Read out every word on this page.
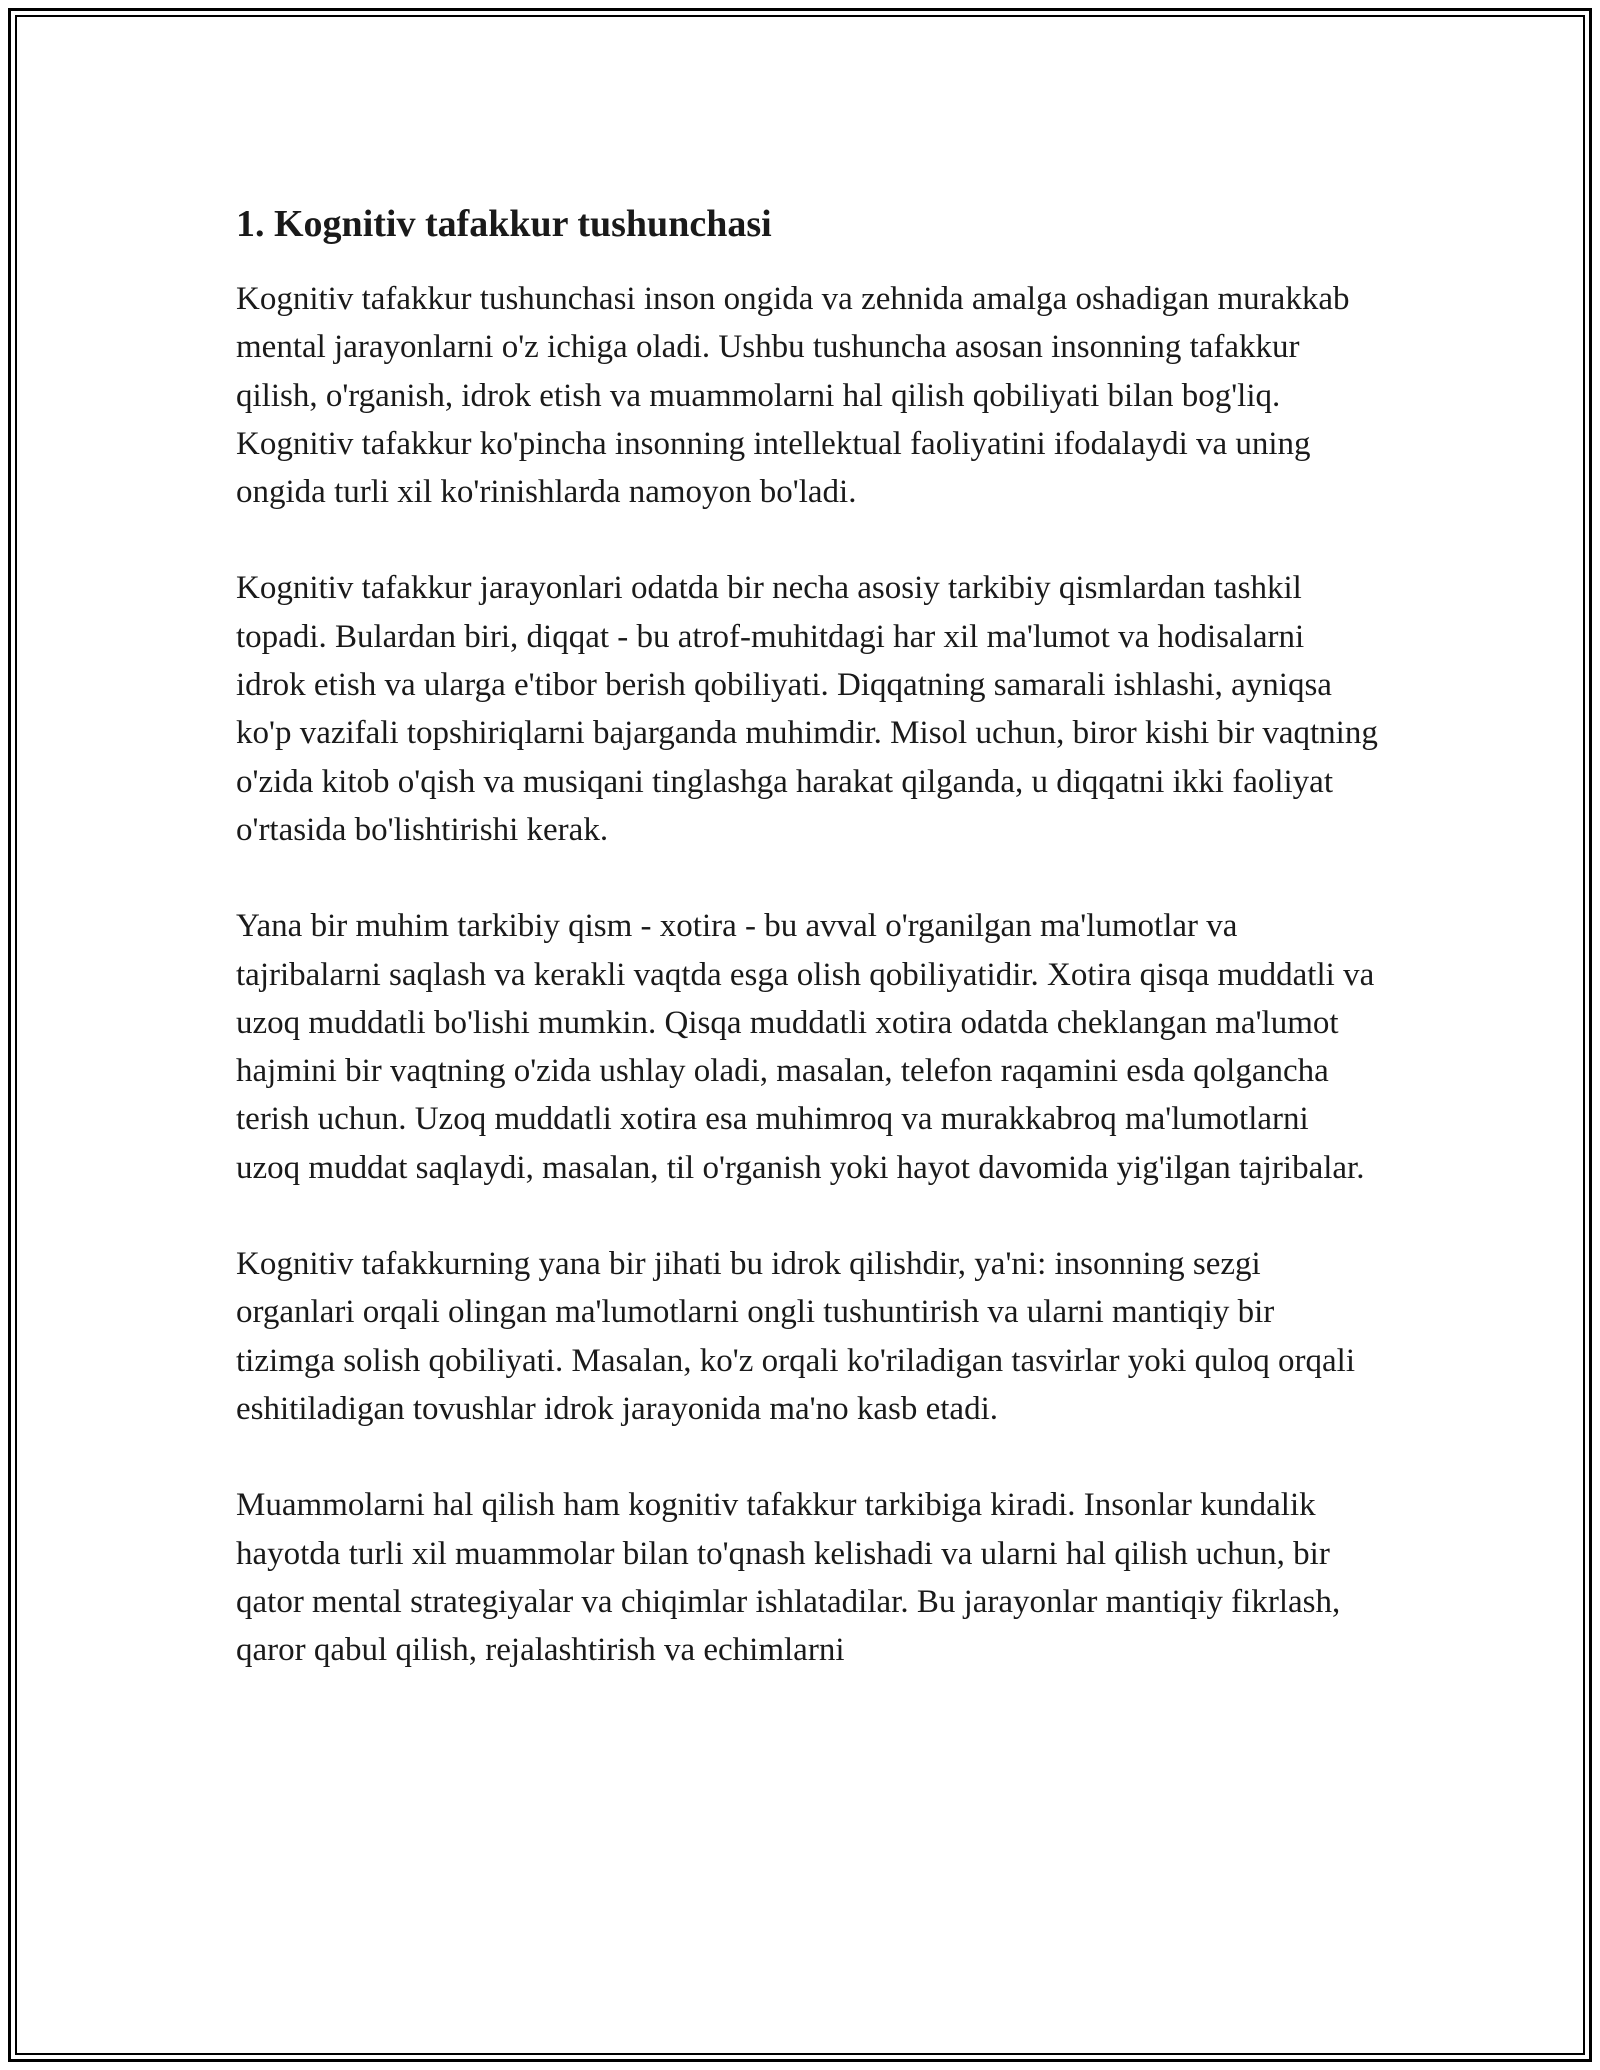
1. Kognitiv tafakkur tushunchasi

Kognitiv tafakkur tushunchasi inson ongida va zehnida amalga oshadigan murakkab mental jarayonlarni o'z ichiga oladi. Ushbu tushuncha asosan insonning tafakkur qilish, o'rganish, idrok etish va muammolarni hal qilish qobiliyati bilan bog'liq. Kognitiv tafakkur ko'pincha insonning intellektual faoliyatini ifodalaydi va uning ongida turli xil ko'rinishlarda namoyon bo'ladi.

Kognitiv tafakkur jarayonlari odatda bir necha asosiy tarkibiy qismlardan tashkil topadi. Bulardan biri, diqqat - bu atrof-muhitdagi har xil ma'lumot va hodisalarni idrok etish va ularga e'tibor berish qobiliyati. Diqqatning samarali ishlashi, ayniqsa ko'p vazifali topshiriqlarni bajarganda muhimdir. Misol uchun, biror kishi bir vaqtning o'zida kitob o'qish va musiqani tinglashga harakat qilganda, u diqqatni ikki faoliyat o'rtasida bo'lishtirishi kerak.

Yana bir muhim tarkibiy qism - xotira - bu avval o'rganilgan ma'lumotlar va tajribalarni saqlash va kerakli vaqtda esga olish qobiliyatidir. Xotira qisqa muddatli va uzoq muddatli bo'lishi mumkin. Qisqa muddatli xotira odatda cheklangan ma'lumot hajmini bir vaqtning o'zida ushlay oladi, masalan, telefon raqamini esda qolgancha terish uchun. Uzoq muddatli xotira esa muhimroq va murakkabroq ma'lumotlarni uzoq muddat saqlaydi, masalan, til o'rganish yoki hayot davomida yig'ilgan tajribalar.

Kognitiv tafakkurning yana bir jihati bu idrok qilishdir, ya'ni: insonning sezgi organlari orqali olingan ma'lumotlarni ongli tushuntirish va ularni mantiqiy bir tizimga solish qobiliyati. Masalan, ko'z orqali ko'riladigan tasvirlar yoki quloq orqali eshitiladigan tovushlar idrok jarayonida ma'no kasb etadi.

Muammolarni hal qilish ham kognitiv tafakkur tarkibiga kiradi. Insonlar kundalik hayotda turli xil muammolar bilan to'qnash kelishadi va ularni hal qilish uchun, bir qator mental strategiyalar va chiqimlar ishlatadilar. Bu jarayonlar mantiqiy fikrlash, qaror qabul qilish, rejalashtirish va echimlarni
